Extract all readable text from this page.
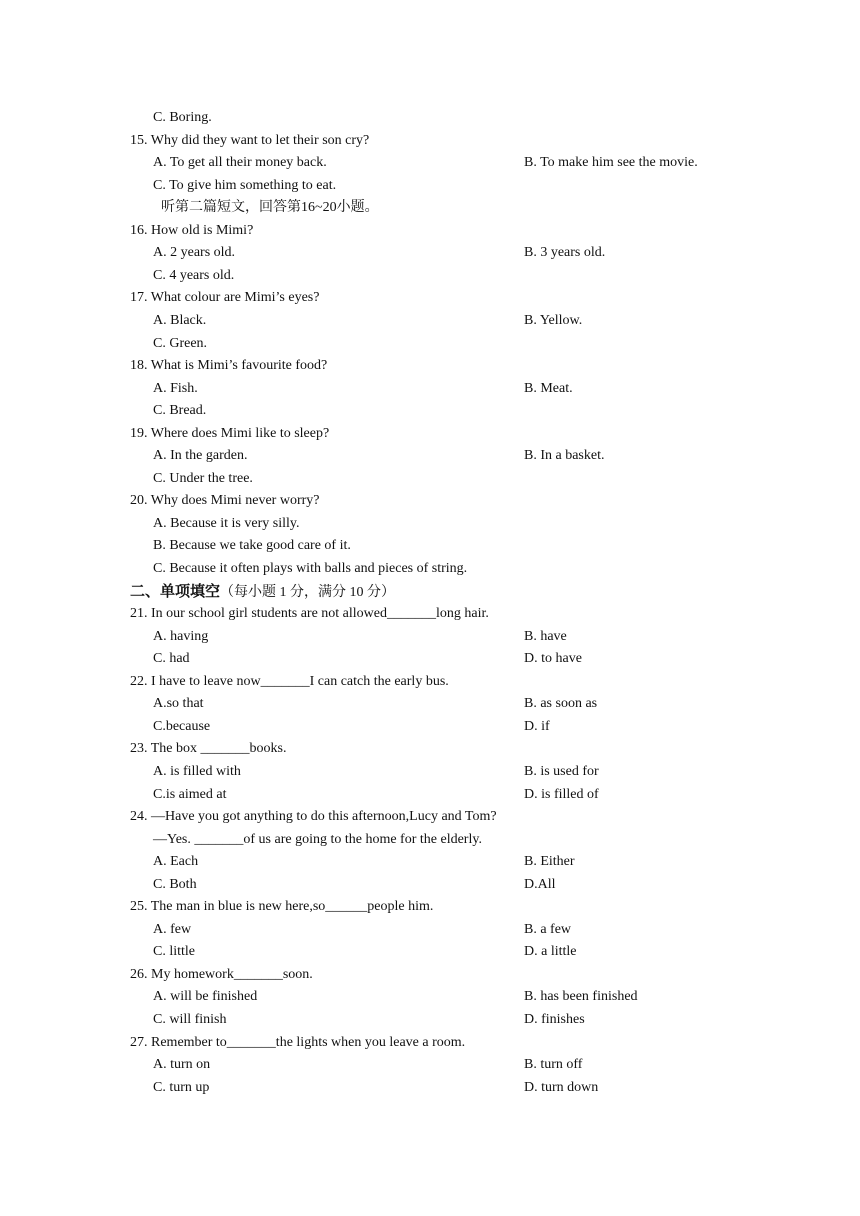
C. Boring.
15. Why did they want to let their son cry?
A. To get all their money back.	B. To make him see the movie.
C. To give him something to eat.
听第二篇短文，回答第16~20小题。
16. How old is Mimi?
A. 2 years old.	B. 3 years old.
C. 4 years old.
17. What colour are Mimi’s eyes?
A. Black.	B. Yellow.
C. Green.
18. What is Mimi’s favourite food?
A. Fish.	B. Meat.
C. Bread.
19. Where does Mimi like to sleep?
A. In the garden.	B. In a basket.
C. Under the tree.
20. Why does Mimi never worry?
A. Because it is very silly.
B. Because we take good care of it.
C. Because it often plays with balls and pieces of string.
二、单项填空（每小题 1 分，满分 10 分）
21. In our school girl students are not allowed_______long hair.
A. having	B. have
C. had	D. to have
22. I have to leave now_______I can catch the early bus.
A.so that	B. as soon as
C.because	D. if
23. The box _______books.
A. is filled with	B. is used for
C.is aimed at	D. is filled of
24. —Have you got anything to do this afternoon,Lucy and Tom?
—Yes. _______of us are going to the home for the elderly.
A. Each	B. Either
C. Both	D.All
25. The man in blue is new here,so______people him.
A. few	B. a few
C. little	D. a little
26. My homework_______soon.
A. will be finished	B. has been finished
C. will finish	D. finishes
27. Remember to_______the lights when you leave a room.
A. turn on	B. turn off
C. turn up	D. turn down
